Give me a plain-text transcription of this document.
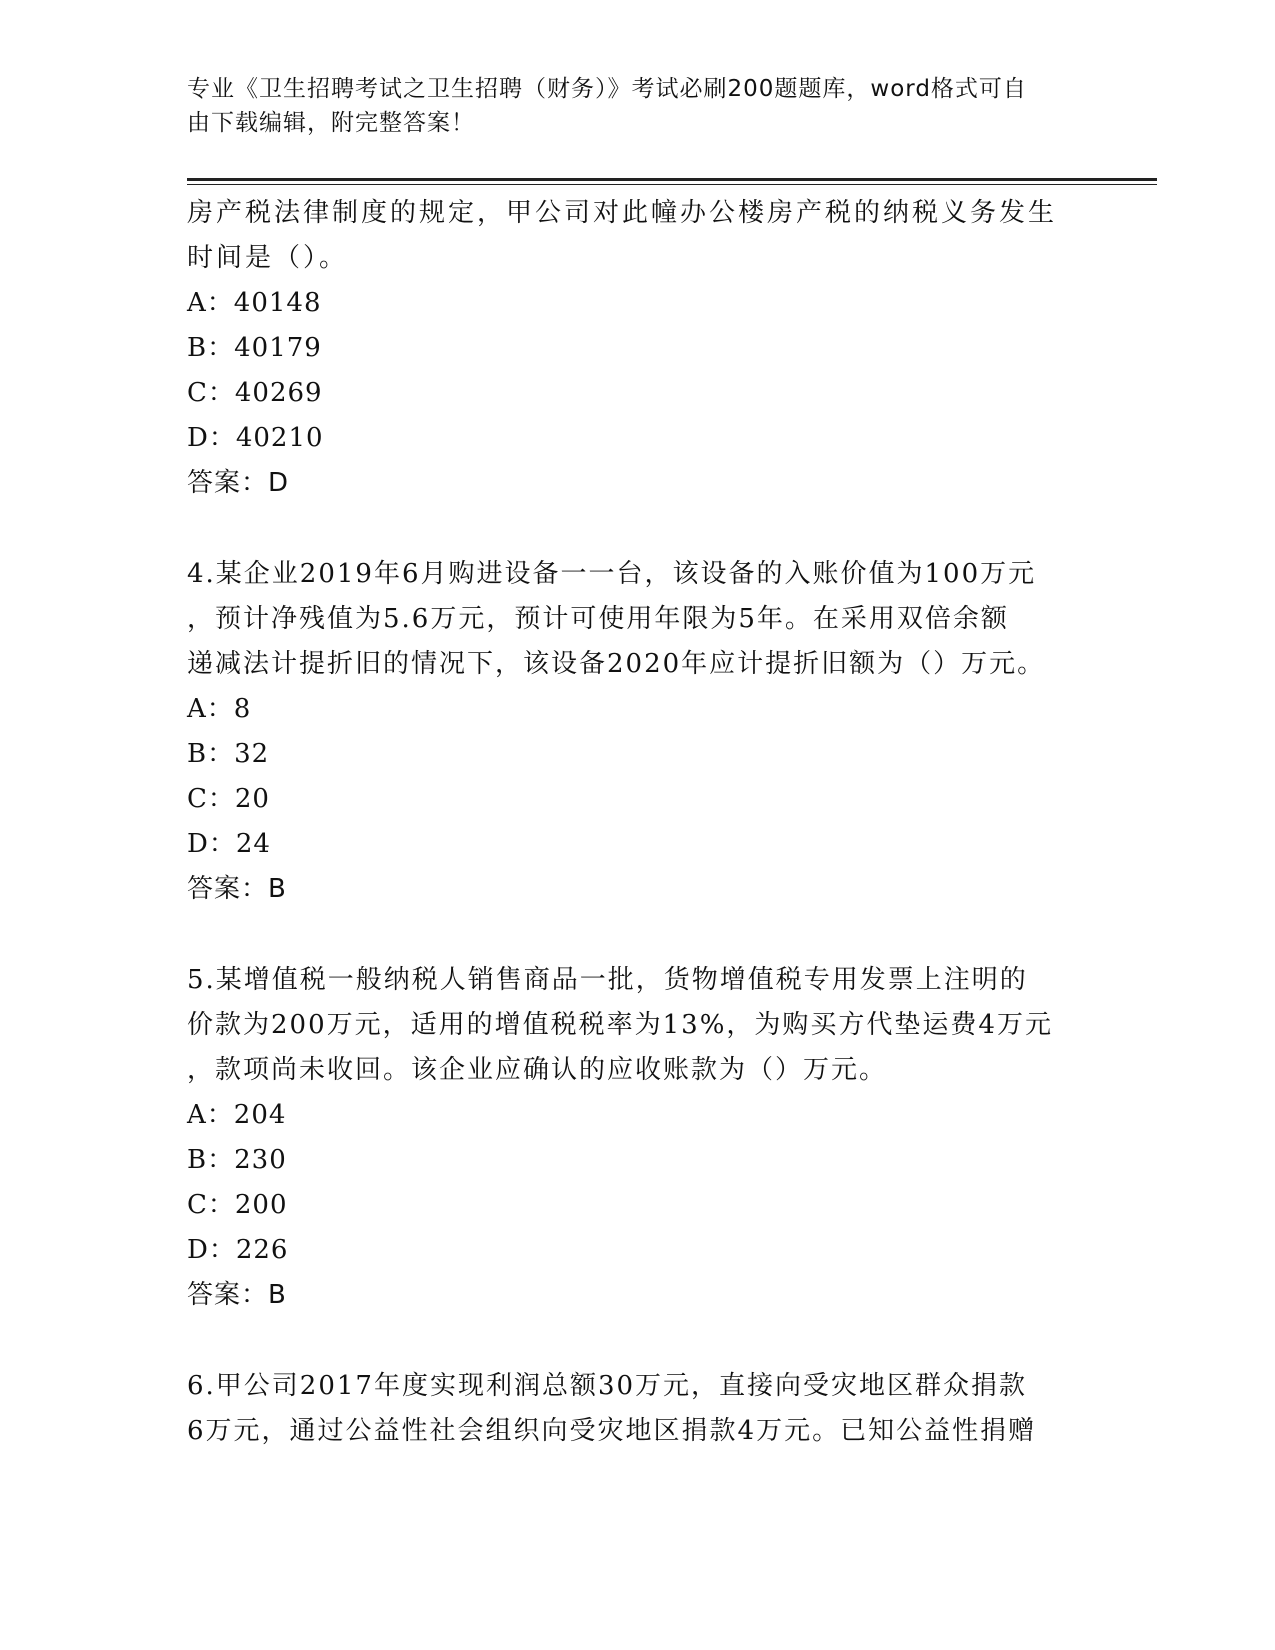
专业《卫生招聘考试之卫生招聘（财务）》考试必刷200题题库，word格式可自
由下载编辑，附完整答案！
房产税法律制度的规定，甲公司对此幢办公楼房产税的纳税义务发生
时间是（）。
A：40148
B：40179
C：40269
D：40210
答案：D
4.某企业2019年6月购进设备一一台，该设备的入账价值为100万元
，预计净残值为5.6万元，预计可使用年限为5年。在采用双倍余额
递减法计提折旧的情况下，该设备2020年应计提折旧额为（）万元。
A：8
B：32
C：20
D：24
答案：B
5.某增值税一般纳税人销售商品一批，货物增值税专用发票上注明的
价款为200万元，适用的增值税税率为13%，为购买方代垫运费4万元
，款项尚未收回。该企业应确认的应收账款为（）万元。
A：204
B：230
C：200
D：226
答案：B
6.甲公司2017年度实现利润总额30万元，直接向受灾地区群众捐款
6万元，通过公益性社会组织向受灾地区捐款4万元。已知公益性捐赠
